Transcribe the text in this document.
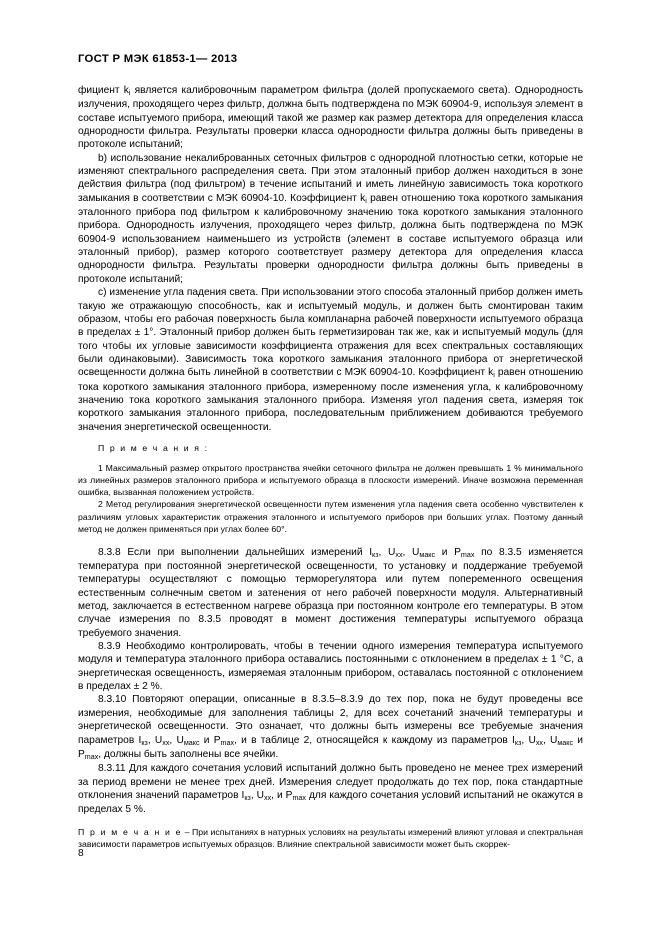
ГОСТ Р МЭК 61853-1— 2013

фициент $k_i$ является калибровочным параметром фильтра (долей пропускаемого света). Однородность излучения, проходящего через фильтр, должна быть подтверждена по МЭК 60904-9, используя элемент в составе испытуемого прибора, имеющий такой же размер как размер детектора для определения класса однородности фильтра. Результаты проверки класса однородности фильтра должны быть приведены в протоколе испытаний;

b) использование некалиброванных сеточных фильтров с однородной плотностью сетки, которые не изменяют спектрального распределения света. При этом эталонный прибор должен находиться в зоне действия фильтра (под фильтром) в течение испытаний и иметь линейную зависимость тока короткого замыкания в соответствии с МЭК 60904-10. Коэффициент $k_i$ равен отношению тока короткого замыкания эталонного прибора под фильтром к калибровочному значению тока короткого замыкания эталонного прибора. Однородность излучения, проходящего через фильтр, должна быть подтверждена по МЭК 60904-9 использованием наименьшего из устройств (элемент в составе испытуемого образца или эталонный прибор), размер которого соответствует размеру детектора для определения класса однородности фильтра. Результаты проверки однородности фильтра должны быть приведены в протоколе испытаний;

с) изменение угла падения света. При использовании этого способа эталонный прибор должен иметь такую же отражающую способность, как и испытуемый модуль, и должен быть смонтирован таким образом, чтобы его рабочая поверхность была компланарна рабочей поверхности испытуемого образца в пределах ± 1°. Эталонный прибор должен быть герметизирован так же, как и испытуемый модуль (для того чтобы их угловые зависимости коэффициента отражения для всех спектральных составляющих были одинаковыми). Зависимость тока короткого замыкания эталонного прибора от энергетической освещенности должна быть линейной в соответствии с МЭК 60904-10. Коэффициент $k_i$ равен отношению тока короткого замыкания эталонного прибора, измеренному после изменения угла, к калибровочному значению тока короткого замыкания эталонного прибора. Изменяя угол падения света, измеряя ток короткого замыкания эталонного прибора, последовательным приближением добиваются требуемого значения энергетической освещенности.

П р и м е ч а н и я :

1 Максимальный размер открытого пространства ячейки сеточного фильтра не должен превышать 1 % минимального из линейных размеров эталонного прибора и испытуемого образца в плоскости измерений. Иначе возможна переменная ошибка, вызванная положением устройств.

2 Метод регулирования энергетической освещенности путем изменения угла падения света особенно чувствителен к различиям угловых характеристик отражения эталонного и испытуемого приборов при больших углах. Поэтому данный метод не должен применяться при углах более 60°.

8.3.8 Если при выполнении дальнейших измерений $I_{кз}$, $U_{xx}$, $U_{макс}$ и $P_{max}$ по 8.3.5 изменяется температура при постоянной энергетической освещенности, то установку и поддержание требуемой температуры осуществляют с помощью терморегулятора или путем попеременного освещения естественным солнечным светом и затенения от него рабочей поверхности модуля. Альтернативный метод, заключается в естественном нагреве образца при постоянном контроле его температуры. В этом случае измерения по 8.3.5 проводят в момент достижения температуры испытуемого образца требуемого значения.

8.3.9 Необходимо контролировать, чтобы в течении одного измерения температура испытуемого модуля и температура эталонного прибора оставались постоянными с отклонением в пределах ± 1 °С, а энергетическая освещенность, измеряемая эталонным прибором, оставалась постоянной с отклонением в пределах ± 2 %.

8.3.10 Повторяют операции, описанные в 8.3.5–8.3.9 до тех пор, пока не будут проведены все измерения, необходимые для заполнения таблицы 2, для всех сочетаний значений температуры и энергетической освещенности. Это означает, что должны быть измерены все требуемые значения параметров $I_{кз}$, $U_{xx}$, $U_{макс}$ и $P_{max}$, и в таблице 2, относящейся к каждому из параметров $I_{кз}$, $U_{xx}$, $U_{макс}$ и $P_{max}$, должны быть заполнены все ячейки.

8.3.11 Для каждого сочетания условий испытаний должно быть проведено не менее трех измерений за период времени не менее трех дней. Измерения следует продолжать до тех пор, пока стандартные отклонения значений параметров $I_{кз}$, $U_{xx}$, и $P_{max}$ для каждого сочетания условий испытаний не окажутся в пределах 5 %.

П р и м е ч а н и е – При испытаниях в натурных условиях на результаты измерений влияют угловая и спектральная зависимости параметров испытуемых образцов. Влияние спектральной зависимости может быть скоррек-

8
